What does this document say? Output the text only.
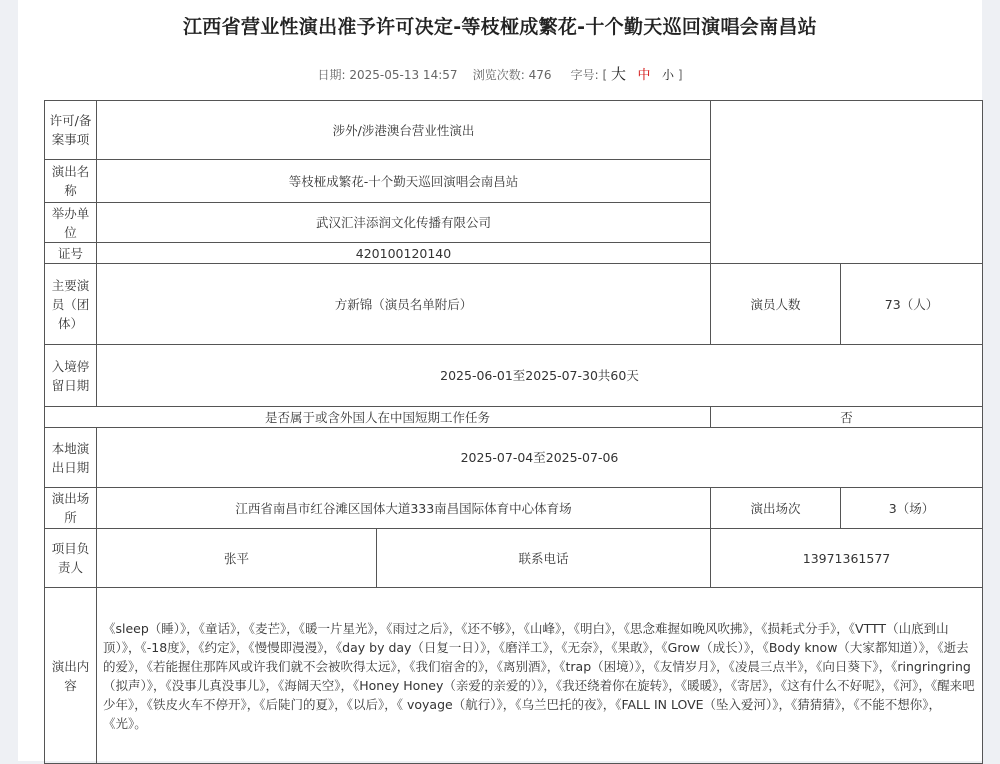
江西省营业性演出准予许可决定-等枝桠成繁花-十个勤天巡回演唱会南昌站
日期: 2025-05-13 14:57 浏览次数: 476 字号: [ 大 中 小 ]
许可/备案事项	涉外/涉港澳台营业性演出			
演出名称	等枝桠成繁花-十个勤天巡回演唱会南昌站			
举办单位	武汉汇沣添润文化传播有限公司			
证号	420100120140			
主要演员（团体）	方新锦（演员名单附后）		演员人数	73（人）
入境停留日期	2025-06-01至2025-07-30共60天			
是否属于或含外国人在中国短期工作任务			否	
本地演出日期	2025-07-04至2025-07-06			
演出场所	江西省南昌市红谷滩区国体大道333南昌国际体育中心体育场		演出场次	3（场）
项目负责人	张平	联系电话	13971361577	
演出内容	《sleep（睡）》，《童话》，《麦芒》，《暖一片星光》，《雨过之后》，《还不够》，《山峰》，《明白》，《思念难握如晚风吹拂》，《损耗式分手》，《VTTT（山底到山顶）》，《-18度》，《约定》，《慢慢即漫漫》，《day by day（日复一日）》，《磨洋工》，《无奈》，《果敢》，《Grow（成长）》，《Body know（大家都知道）》，《逝去的爱》，《若能握住那阵风或许我们就不会被吹得太远》，《我们宿舍的》，《离别酒》，《trap（困境）》，《友情岁月》，《凌晨三点半》，《向日葵下》，《ringringring（拟声）》，《没事儿真没事儿》，《海阔天空》，《Honey Honey（亲爱的亲爱的）》，《我还绕着你在旋转》，《暖暖》，《寄居》，《这有什么不好呢》，《河》，《醒来吧少年》，《铁皮火车不停开》，《后陡门的夏》，《以后》，《 voyage（航行）》，《乌兰巴托的夜》，《FALL IN LOVE（坠入爱河）》，《猜猜猜》，《不能不想你》，《光》。			
